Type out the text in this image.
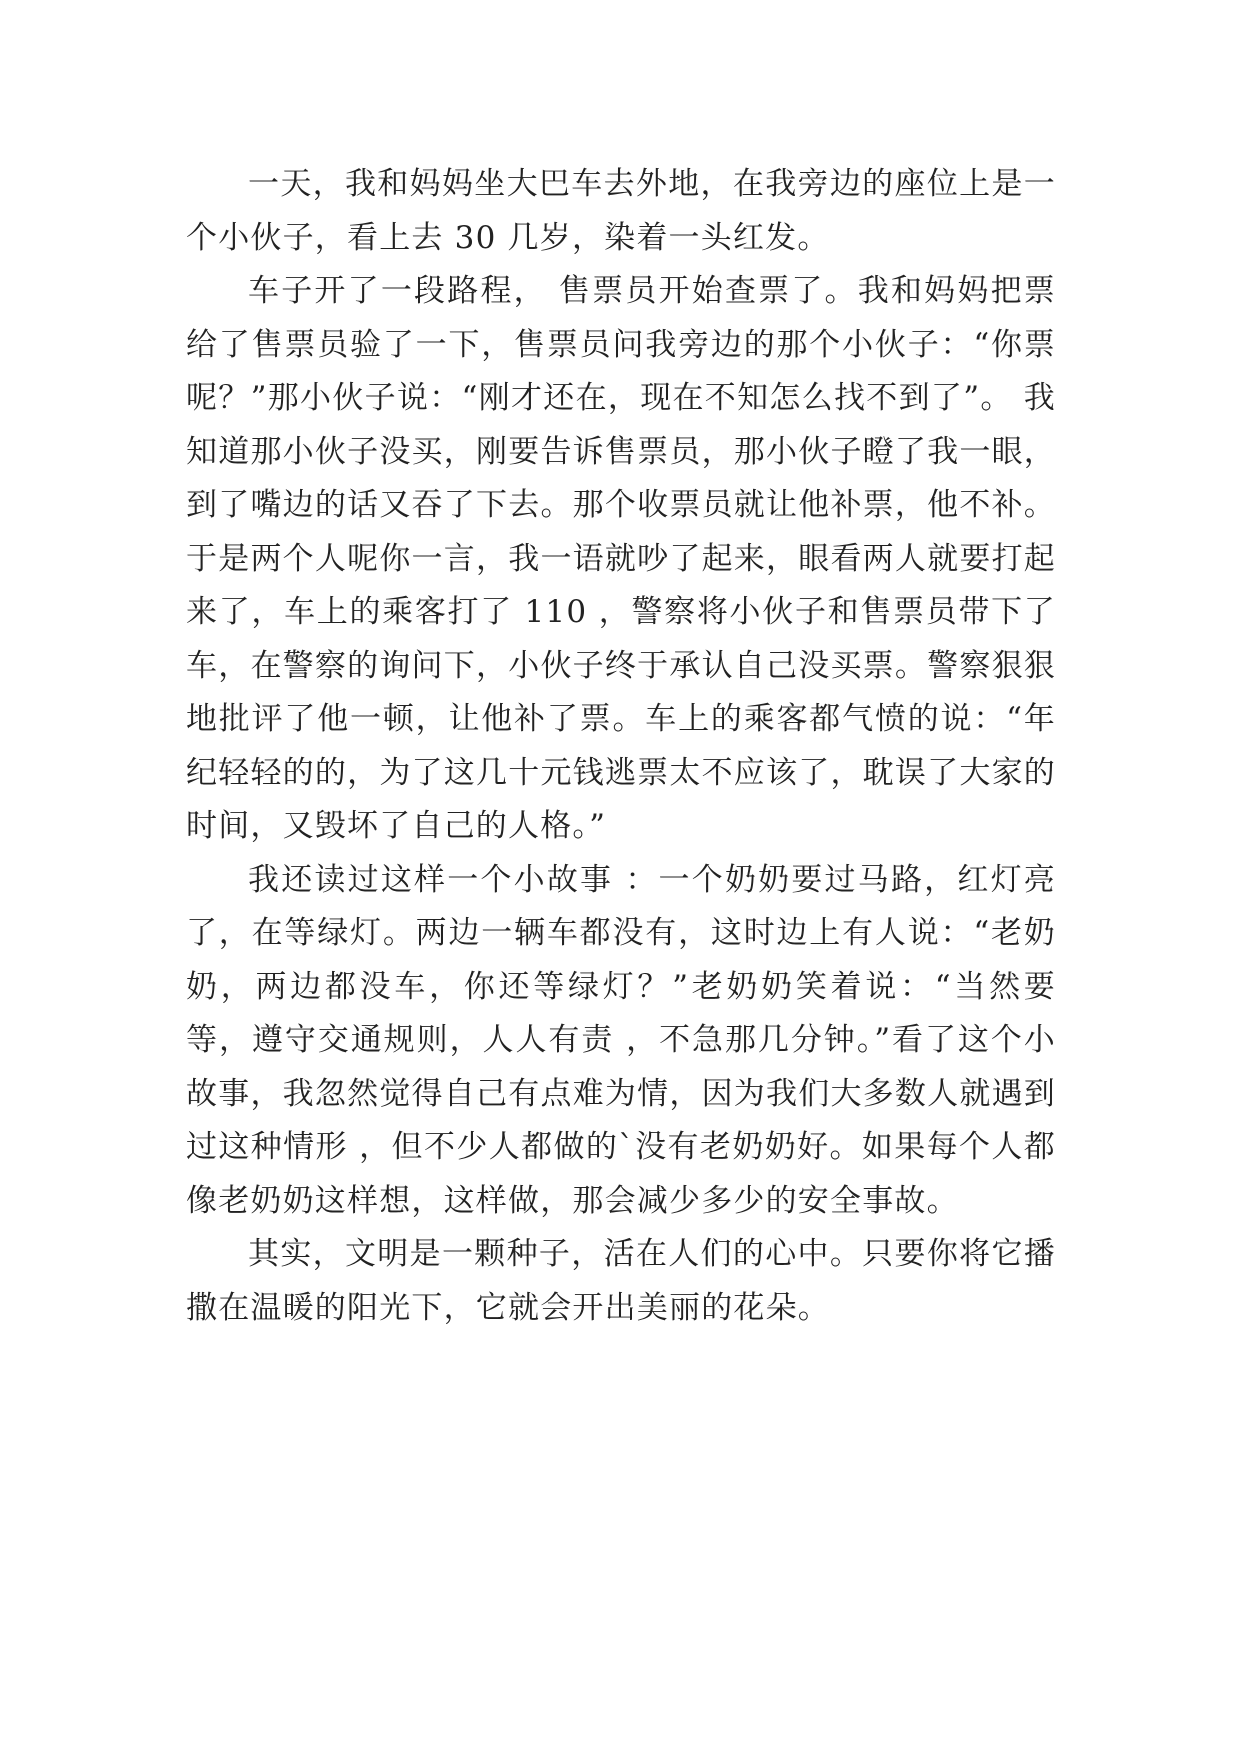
一天，我和妈妈坐大巴车去外地，在我旁边的座位上是一个小伙子，看上去 30 几岁，染着一头红发。

车子开了一段路程， 售票员开始查票了。我和妈妈把票给了售票员验了一下，售票员问我旁边的那个小伙子：“你票呢？”那小伙子说：“刚才还在，现在不知怎么找不到了”。 我知道那小伙子没买，刚要告诉售票员，那小伙子瞪了我一眼，到了嘴边的话又吞了下去。那个收票员就让他补票，他不补。于是两个人呢你一言，我一语就吵了起来，眼看两人就要打起来了，车上的乘客打了 110 ，警察将小伙子和售票员带下了车，在警察的询问下，小伙子终于承认自己没买票。警察狠狠地批评了他一顿，让他补了票。车上的乘客都气愤的说：“年纪轻轻的的，为了这几十元钱逃票太不应该了，耽误了大家的时间，又毁坏了自己的人格。”

我还读过这样一个小故事 ：一个奶奶要过马路，红灯亮了，在等绿灯。两边一辆车都没有，这时边上有人说：“老奶奶，两边都没车，你还等绿灯？”老奶奶笑着说：“当然要等，遵守交通规则，人人有责 ，不急那几分钟。”看了这个小故事，我忽然觉得自己有点难为情，因为我们大多数人就遇到过这种情形 ，但不少人都做的`没有老奶奶好。如果每个人都像老奶奶这样想，这样做，那会减少多少的安全事故。

其实，文明是一颗种子，活在人们的心中。只要你将它播撒在温暖的阳光下，它就会开出美丽的花朵。
